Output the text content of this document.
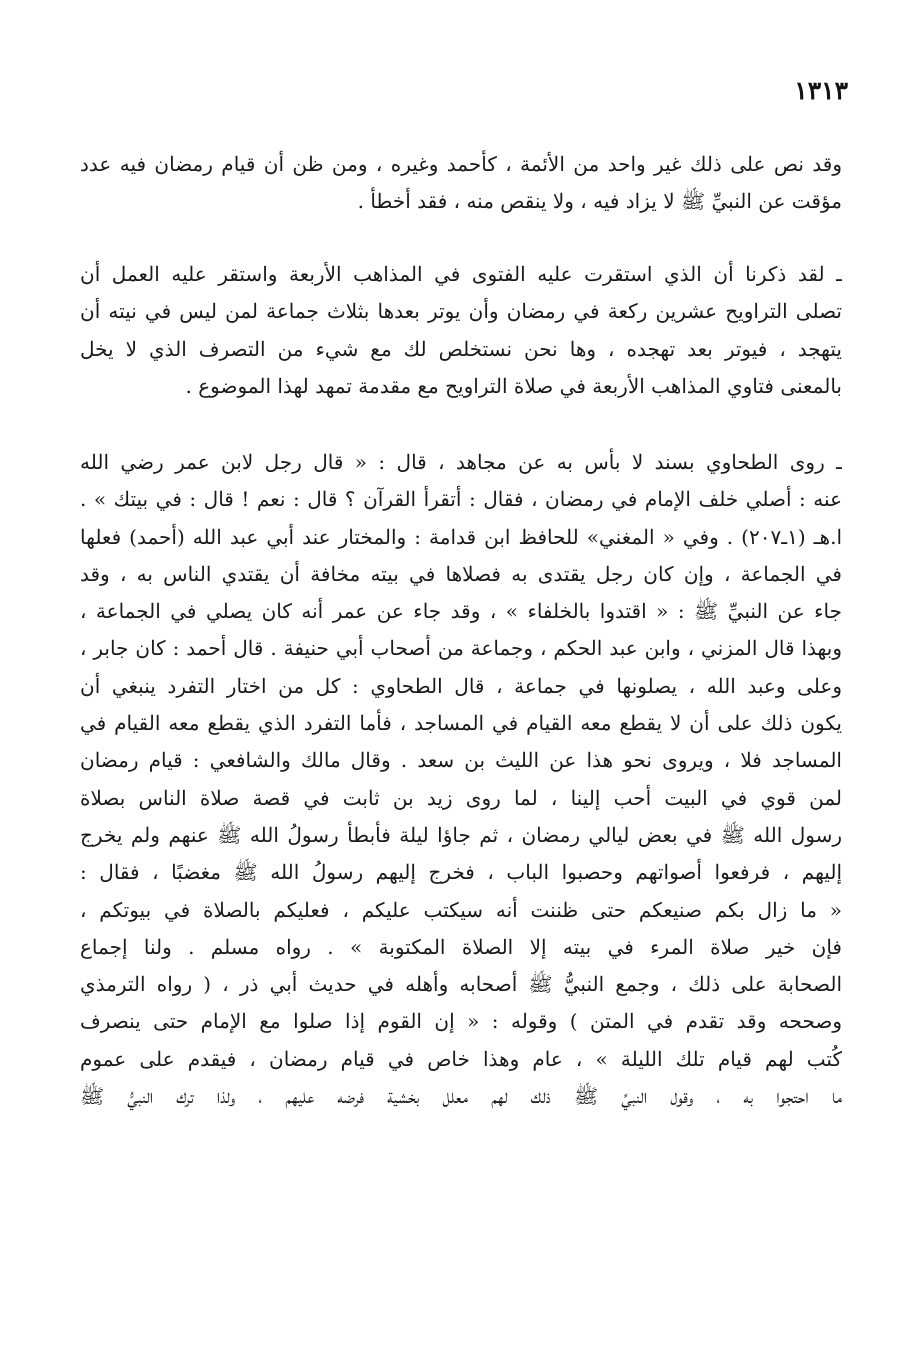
١٣١٣
وقد نص على ذلك غير واحد من الأئمة ، كأحمد وغيره ، ومن ظن أن قيام رمضان فيه عدد
مؤقت عن النبيِّ ﷺ لا يزاد فيه ، ولا ينقص منه ، فقد أخطأ .
ـ لقد ذكرنا أن الذي استقرت عليه الفتوى في المذاهب الأربعة واستقر عليه العمل أن
تصلى التراويح عشرين ركعة في رمضان وأن يوتر بعدها بثلاث جماعة لمن ليس في نيته أن
يتهجد ، فيوتر بعد تهجده ، وها نحن نستخلص لك مع شيء من التصرف الذي لا يخل
بالمعنى فتاوي المذاهب الأربعة في صلاة التراويح مع مقدمة تمهد لهذا الموضوع .
ـ روى الطحاوي بسند لا بأس به عن مجاهد ، قال : « قال رجل لابن عمر رضي الله
عنه : أصلي خلف الإمام في رمضان ، فقال : أتقرأ القرآن ؟ قال : نعم ! قال : في بيتك » .
ا.هـ (١ـ٢٠٧) . وفي « المغني» للحافظ ابن قدامة : والمختار عند أبي عبد الله (أحمد) فعلها
في الجماعة ، وإن كان رجل يقتدى به فصلاها في بيته مخافة أن يقتدي الناس به ، وقد
جاء عن النبيِّ ﷺ : « اقتدوا بالخلفاء » ، وقد جاء عن عمر أنه كان يصلي في الجماعة ،
وبهذا قال المزني ، وابن عبد الحكم ، وجماعة من أصحاب أبي حنيفة . قال أحمد : كان جابر ،
وعلى وعبد الله ، يصلونها في جماعة ، قال الطحاوي : كل من اختار التفرد ينبغي أن
يكون ذلك على أن لا يقطع معه القيام في المساجد ، فأما التفرد الذي يقطع معه القيام في
المساجد فلا ، ويروى نحو هذا عن الليث بن سعد . وقال مالك والشافعي : قيام رمضان
لمن قوي في البيت أحب إلينا ، لما روى زيد بن ثابت في قصة صلاة الناس بصلاة
رسول الله ﷺ في بعض ليالي رمضان ، ثم جاؤا ليلة فأبطأ رسولُ الله ﷺ عنهم ولم يخرج
إليهم ، فرفعوا أصواتهم وحصبوا الباب ، فخرج إليهم رسولُ الله ﷺ مغضبًا ، فقال :
« ما زال بكم صنيعكم حتى ظننت أنه سيكتب عليكم ، فعليكم بالصلاة في بيوتكم ،
فإن خير صلاة المرء في بيته إلا الصلاة المكتوبة » . رواه مسلم . ولنا إجماع
الصحابة على ذلك ، وجمع النبيُّ ﷺ أصحابه وأهله في حديث أبي ذر ، ( رواه الترمذي
وصححه وقد تقدم في المتن ) وقوله : « إن القوم إذا صلوا مع الإمام حتى ينصرف
كُتب لهم قيام تلك الليلة » ، عام وهذا خاص في قيام رمضان ، فيقدم على عموم
ما احتجوا به ، وقول النبيِّ ﷺ ذلك لهم معلل بخشية فرضه عليهم ، ولذا ترك النبيُّ ﷺ
